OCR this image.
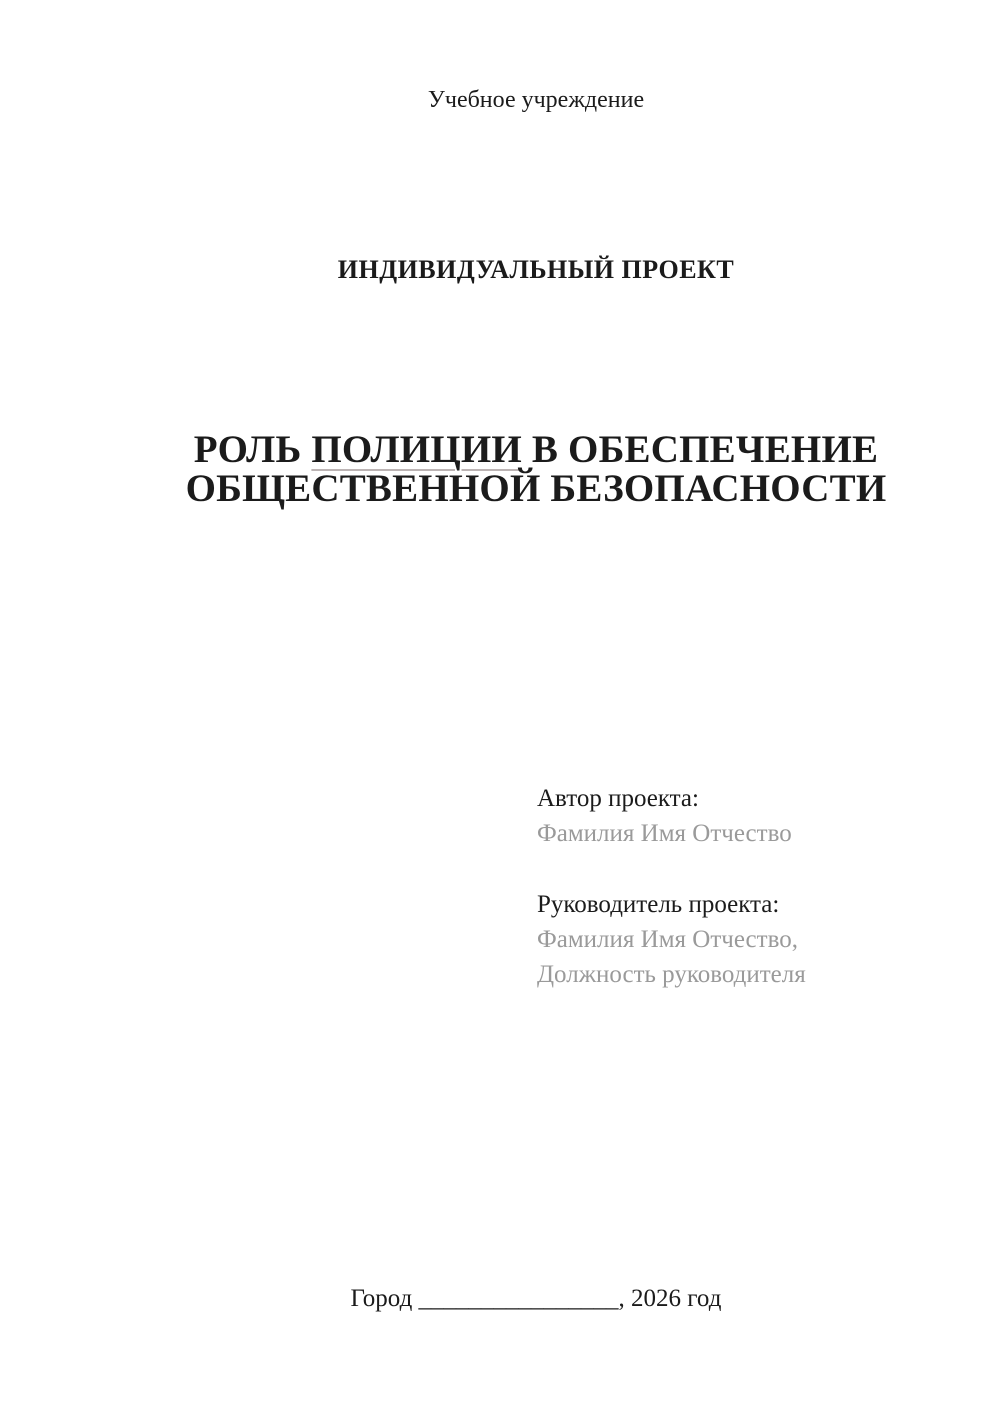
Учебное учреждение
ИНДИВИДУАЛЬНЫЙ ПРОЕКТ
РОЛЬ ПОЛИЦИИ В ОБЕСПЕЧЕНИЕ ОБЩЕСТВЕННОЙ БЕЗОПАСНОСТИ
Автор проекта:
Фамилия Имя Отчество
Руководитель проекта:
Фамилия Имя Отчество,
Должность руководителя
Город ________________, 2026 год
